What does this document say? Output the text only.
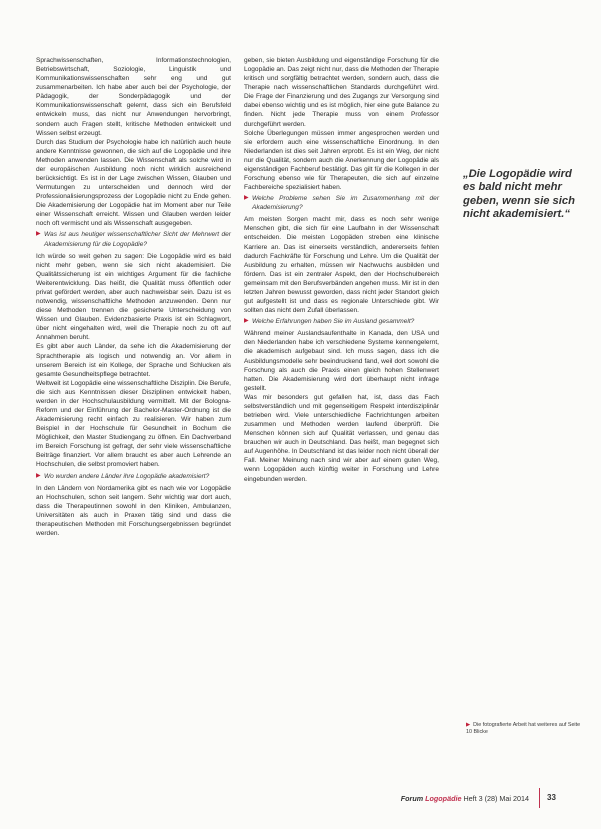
Sprachwissenschaften, Informationstechnologien, Betriebswirtschaft, Soziologie, Linguistik und Kommunikationswissenschaften sehr eng und gut zusammenarbeiten. Ich habe aber auch bei der Psychologie, der Pädagogik, der Sonderpädagogik und der Kommunikationswissenschaft gelernt, dass sich ein Berufsfeld entwickeln muss, das nicht nur Anwendungen hervorbringt, sondern auch Fragen stellt, kritische Methoden entwickelt und Wissen selbst erzeugt.

Durch das Studium der Psychologie habe ich natürlich auch heute andere Kenntnisse gewonnen, die sich auf die Logopädie und ihre Methoden anwenden lassen. Die Wissenschaft als solche wird in der europäischen Ausbildung noch nicht wirklich ausreichend berücksichtigt. Es ist in der Lage zwischen Wissen, Glauben und Vermutungen zu unterscheiden und dennoch wird der Professionalisierungsprozess der Logopädie nicht zu Ende gehen. Die Akademisierung der Logopädie hat im Moment aber nur Teile einer Wissenschaft erreicht. Wissen und Glauben werden leider noch oft vermischt und als Wissenschaft ausgegeben.

▶ Was ist aus heutiger wissenschaftlicher Sicht der Mehrwert der Akademisierung für die Logopädie?

Ich würde so weit gehen zu sagen: Die Logopädie wird es bald nicht mehr geben, wenn sie sich nicht akademisiert. Die Qualitätssicherung ist ein wichtiges Argument für die fachliche Weiterentwicklung. Das heißt, die Qualität muss öffentlich oder privat gefördert werden, aber auch nachweisbar sein. Dazu ist es notwendig, wissenschaftliche Methoden anzuwenden. Denn nur diese Methoden trennen die gesicherte Unterscheidung von Wissen und Glauben. Evidenzbasierte Praxis ist ein Schlagwort, über nicht eingehalten wird, weil die Therapie noch zu oft auf Annahmen beruht.

Es gibt aber auch Länder, da sehe ich die Akademisierung der Sprachtherapie als logisch und notwendig an. Vor allem in unserem Bereich ist ein Kollege, der Sprache und Schlucken als gesamte Gesundheitspflege betrachtet.

Weltweit ist Logopädie eine wissenschaftliche Disziplin. Die Berufe, die sich aus Kenntnissen dieser Disziplinen entwickelt haben, werden in der Hochschulausbildung vermittelt. Mit der Bologna-Reform und der Einführung der Bachelor-Master-Ordnung ist die Akademisierung recht einfach zu realisieren. Wir haben zum Beispiel in der Hochschule für Gesundheit in Bochum die Möglichkeit, den Master Studiengang zu öffnen. Ein Dachverband im Bereich Forschung ist gefragt, der sehr viele wissenschaftliche Beiträge finanziert. Vor allem braucht es aber auch Lehrende an Hochschulen, die selbst promoviert haben.

▶ Wo wurden andere Länder ihre Logopädie akademisiert?

In den Ländern von Nordamerika gibt es nach wie vor Logopädie an Hochschulen, schon seit langem. Sehr wichtig war dort auch, dass die Therapeutinnen sowohl in den Kliniken, Ambulanzen, Universitäten als auch in Praxen tätig sind und dass die therapeutischen Methoden mit Forschungsergebnissen begründet werden.

geben, sie bieten Ausbildung und eigenständige Forschung für die Logopädie an. Das zeigt nicht nur, dass die Methoden der Therapie kritisch und sorgfältig betrachtet werden, sondern auch, dass die Therapie nach wissenschaftlichen Standards durchgeführt wird. Die Frage der Finanzierung und des Zugangs zur Versorgung sind dabei ebenso wichtig und es ist möglich, hier eine gute Balance zu finden. Nicht jede Therapie muss von einem Professor durchgeführt werden.

Solche Überlegungen müssen immer angesprochen werden und sie erfordern auch eine wissenschaftliche Einordnung. In den Niederlanden ist dies seit Jahren erprobt. Es ist ein Weg, der nicht nur die Qualität, sondern auch die Anerkennung der Logopädie als eigenständigen Fachberuf bestätigt. Das gilt für die Kollegen in der Forschung ebenso wie für Therapeuten, die sich auf einzelne Fachbereiche spezialisiert haben.

▶ Welche Probleme sehen Sie im Zusammenhang mit der Akademisierung?

Am meisten Sorgen macht mir, dass es noch sehr wenige Menschen gibt, die sich für eine Laufbahn in der Wissenschaft entscheiden. Die meisten Logopäden streben eine klinische Karriere an. Das ist einerseits verständlich, andererseits fehlen dadurch Fachkräfte für Forschung und Lehre. Um die Qualität der Ausbildung zu erhalten, müssen wir Nachwuchs ausbilden und fördern. Das ist ein zentraler Aspekt, den der Hochschulbereich gemeinsam mit den Berufsverbänden angehen muss. Mir ist in den letzten Jahren bewusst geworden, dass nicht jeder Standort gleich gut aufgestellt ist und dass es regionale Unterschiede gibt. Wir sollten das nicht dem Zufall überlassen.

▶ Welche Erfahrungen haben Sie im Ausland gesammelt?

Während meiner Auslandsaufenthalte in Kanada, den USA und den Niederlanden habe ich verschiedene Systeme kennengelernt, die akademisch aufgebaut sind. Ich muss sagen, dass ich die Ausbildungsmodelle sehr beeindruckend fand, weil dort sowohl die Forschung als auch die Praxis einen gleich hohen Stellenwert hatten. Die Akademisierung wird dort überhaupt nicht infrage gestellt.

Was mir besonders gut gefallen hat, ist, dass das Fach selbstverständlich und mit gegenseitigem Respekt interdisziplinär betrieben wird. Viele unterschiedliche Fachrichtungen arbeiten zusammen und Methoden werden laufend überprüft. Die Menschen können sich auf Qualität verlassen, und genau das brauchen wir auch in Deutschland. Das heißt, man begegnet sich auf Augenhöhe. In Deutschland ist das leider noch nicht überall der Fall. Meiner Meinung nach sind wir aber auf einem guten Weg, wenn Logopäden auch künftig weiter in Forschung und Lehre eingebunden werden.

„Die Logopädie wird es bald nicht mehr geben, wenn sie sich nicht akademisiert.“
▶ Die fotografierte Arbeit hat weiteres auf Seite 10 Blicke
Forum Logopädie Heft 3 (28) Mai 2014 33
